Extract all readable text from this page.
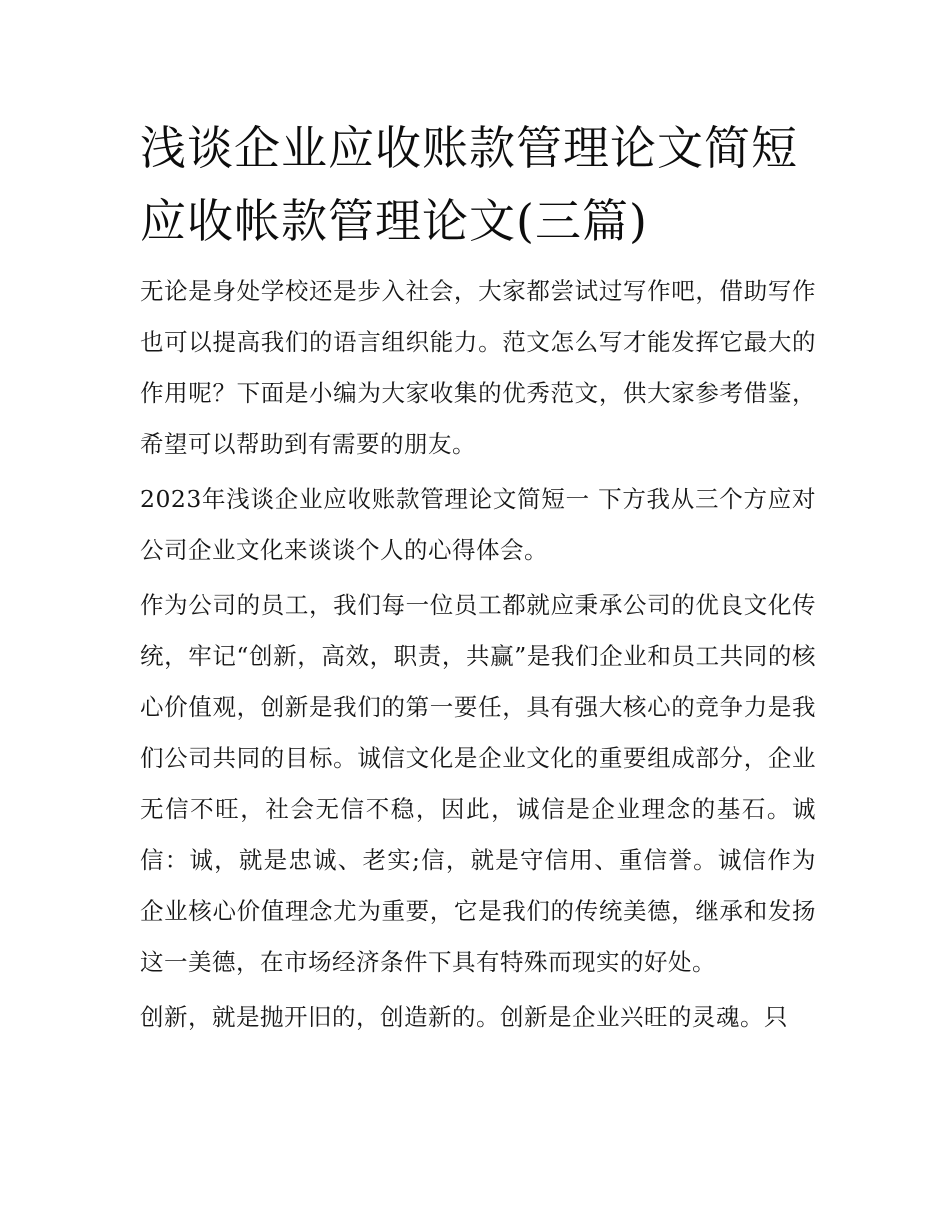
浅谈企业应收账款管理论文简短 应收帐款管理论文(三篇)

无论是身处学校还是步入社会，大家都尝试过写作吧，借助写作也可以提高我们的语言组织能力。范文怎么写才能发挥它最大的作用呢？下面是小编为大家收集的优秀范文，供大家参考借鉴，希望可以帮助到有需要的朋友。

2023年浅谈企业应收账款管理论文简短一 下方我从三个方应对公司企业文化来谈谈个人的心得体会。

作为公司的员工，我们每一位员工都就应秉承公司的优良文化传统，牢记“创新，高效，职责，共赢”是我们企业和员工共同的核心价值观，创新是我们的第一要任，具有强大核心的竞争力是我们公司共同的目标。诚信文化是企业文化的重要组成部分，企业无信不旺，社会无信不稳，因此，诚信是企业理念的基石。诚信：诚，就是忠诚、老实;信，就是守信用、重信誉。诚信作为企业核心价值理念尤为重要，它是我们的传统美德，继承和发扬这一美德，在市场经济条件下具有特殊而现实的好处。

创新，就是抛开旧的，创造新的。创新是企业兴旺的灵魂。只
